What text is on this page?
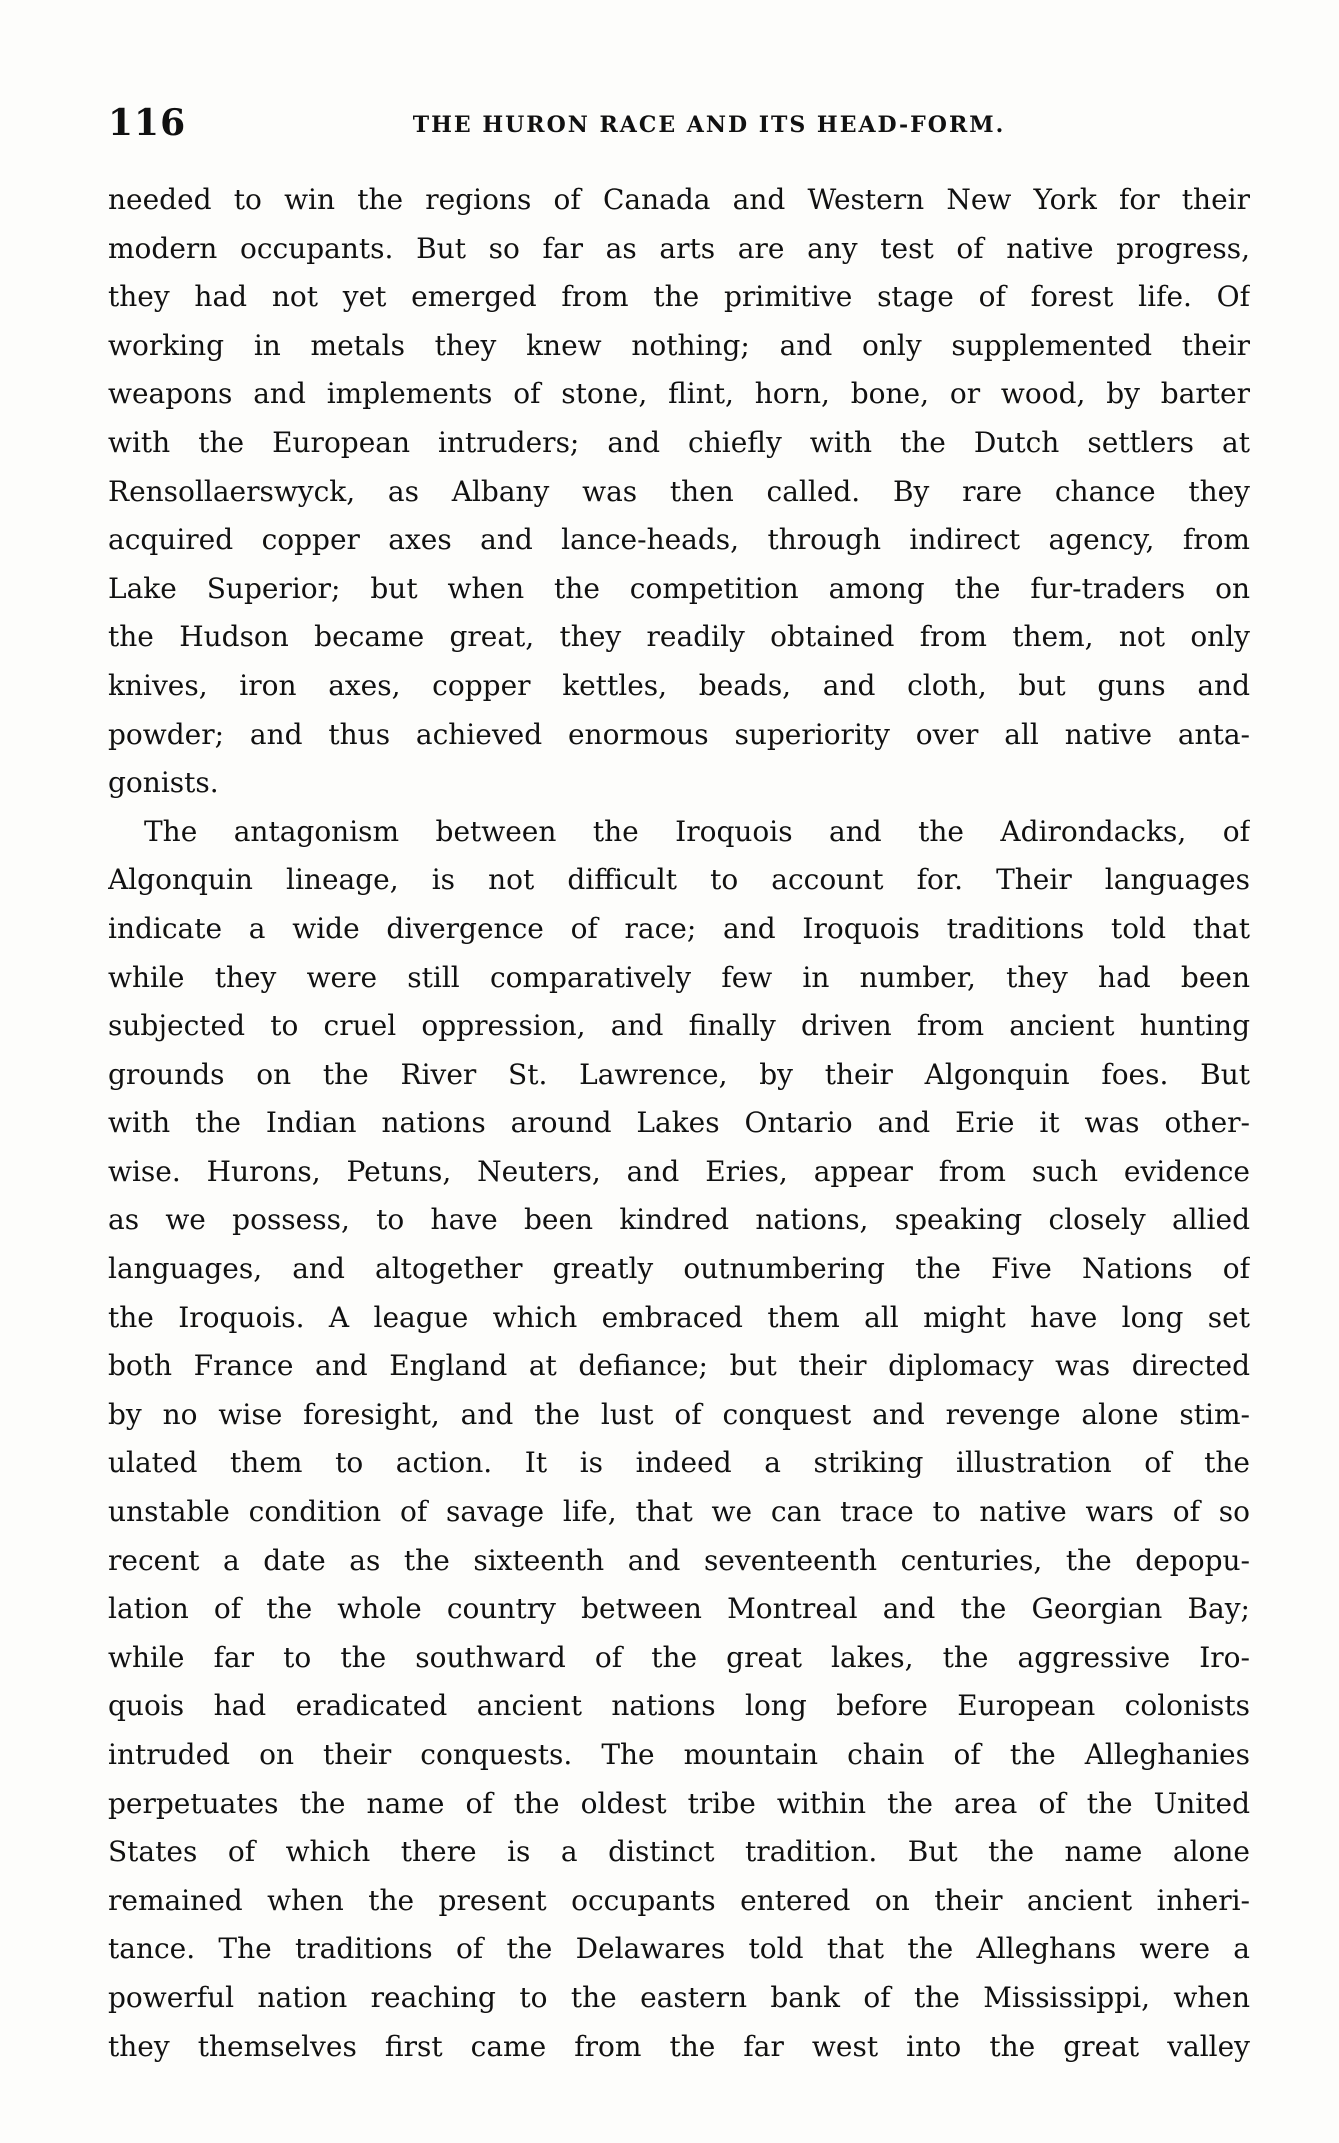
116	THE HURON RACE AND ITS HEAD-FORM.
needed to win the regions of Canada and Western New York for their
modern occupants. But so far as arts are any test of native progress,
they had not yet emerged from the primitive stage of forest life. Of
working in metals they knew nothing; and only supplemented their
weapons and implements of stone, flint, horn, bone, or wood, by barter
with the European intruders; and chiefly with the Dutch settlers at
Rensollaerswyck, as Albany was then called. By rare chance they
acquired copper axes and lance-heads, through indirect agency, from
Lake Superior; but when the competition among the fur-traders on
the Hudson became great, they readily obtained from them, not only
knives, iron axes, copper kettles, beads, and cloth, but guns and
powder; and thus achieved enormous superiority over all native anta-
gonists.
The antagonism between the Iroquois and the Adirondacks, of
Algonquin lineage, is not difficult to account for. Their languages
indicate a wide divergence of race; and Iroquois traditions told that
while they were still comparatively few in number, they had been
subjected to cruel oppression, and finally driven from ancient hunting
grounds on the River St. Lawrence, by their Algonquin foes. But
with the Indian nations around Lakes Ontario and Erie it was other-
wise. Hurons, Petuns, Neuters, and Eries, appear from such evidence
as we possess, to have been kindred nations, speaking closely allied
languages, and altogether greatly outnumbering the Five Nations of
the Iroquois. A league which embraced them all might have long set
both France and England at defiance; but their diplomacy was directed
by no wise foresight, and the lust of conquest and revenge alone stim-
ulated them to action. It is indeed a striking illustration of the
unstable condition of savage life, that we can trace to native wars of so
recent a date as the sixteenth and seventeenth centuries, the depopu-
lation of the whole country between Montreal and the Georgian Bay;
while far to the southward of the great lakes, the aggressive Iro-
quois had eradicated ancient nations long before European colonists
intruded on their conquests. The mountain chain of the Alleghanies
perpetuates the name of the oldest tribe within the area of the United
States of which there is a distinct tradition. But the name alone
remained when the present occupants entered on their ancient inheri-
tance. The traditions of the Delawares told that the Alleghans were a
powerful nation reaching to the eastern bank of the Mississippi, when
they themselves first came from the far west into the great valley
